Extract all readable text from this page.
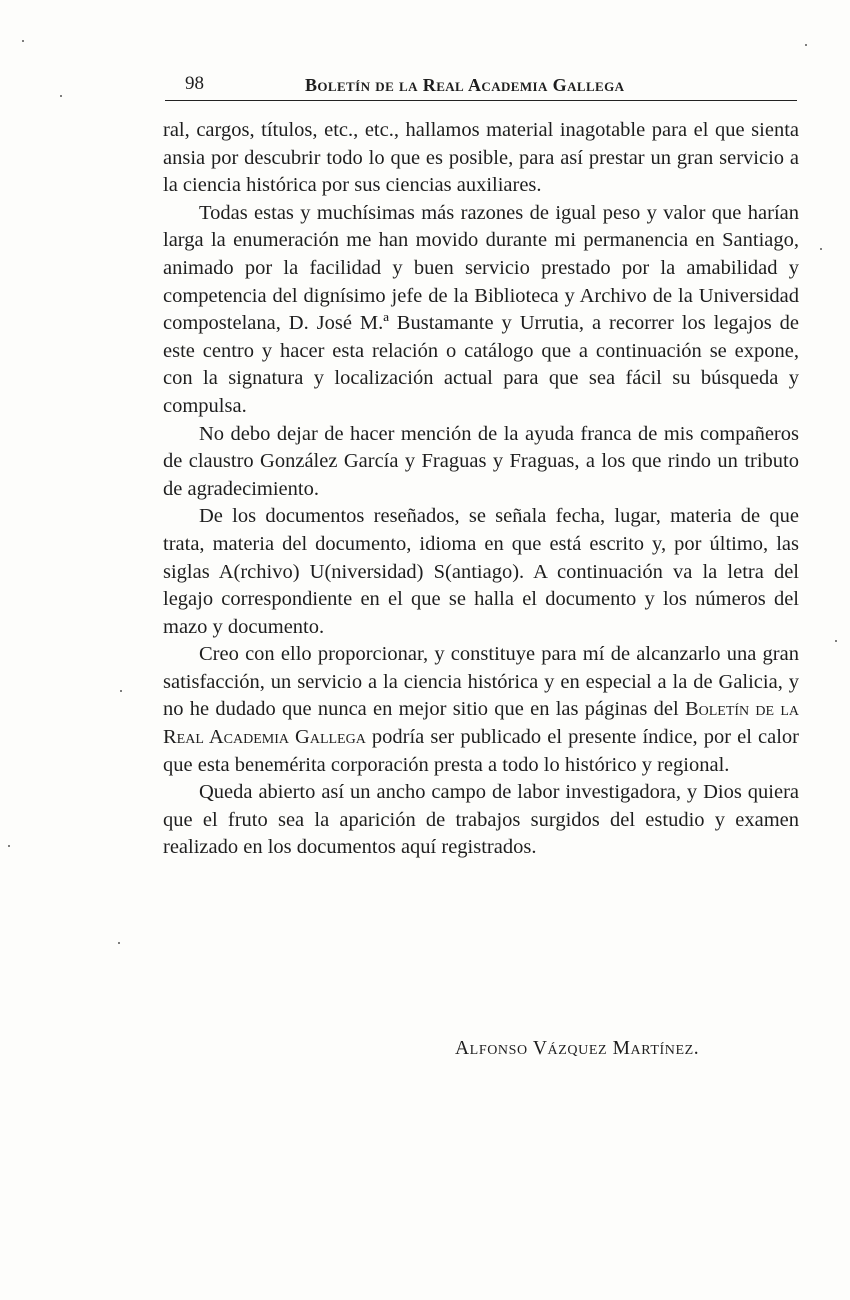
98	Boletín de la Real Academia Gallega

ral, cargos, títulos, etc., etc., hallamos material inagotable para el que sienta ansia por descubrir todo lo que es posible, para así prestar un gran servicio a la ciencia histórica por sus ciencias auxiliares.

Todas estas y muchísimas más razones de igual peso y valor que harían larga la enumeración me han movido durante mi permanencia en Santiago, animado por la facilidad y buen servicio prestado por la amabilidad y competencia del dignísimo jefe de la Biblioteca y Archivo de la Universidad compostelana, D. José M.ª Bustamante y Urrutia, a recorrer los legajos de este centro y hacer esta relación o catálogo que a continuación se expone, con la signatura y localización actual para que sea fácil su búsqueda y compulsa.

No debo dejar de hacer mención de la ayuda franca de mis compañeros de claustro González García y Fraguas y Fraguas, a los que rindo un tributo de agradecimiento.

De los documentos reseñados, se señala fecha, lugar, materia de que trata, materia del documento, idioma en que está escrito y, por último, las siglas A(rchivo) U(niversidad) S(antiago). A continuación va la letra del legajo correspondiente en el que se halla el documento y los números del mazo y documento.

Creo con ello proporcionar, y constituye para mí de alcanzarlo una gran satisfacción, un servicio a la ciencia histórica y en especial a la de Galicia, y no he dudado que nunca en mejor sitio que en las páginas del Boletín de la Real Academia Gallega podría ser publicado el presente índice, por el calor que esta benemérita corporación presta a todo lo histórico y regional.

Queda abierto así un ancho campo de labor investigadora, y Dios quiera que el fruto sea la aparición de trabajos surgidos del estudio y examen realizado en los documentos aquí registrados.

Alfonso Vázquez Martínez.
